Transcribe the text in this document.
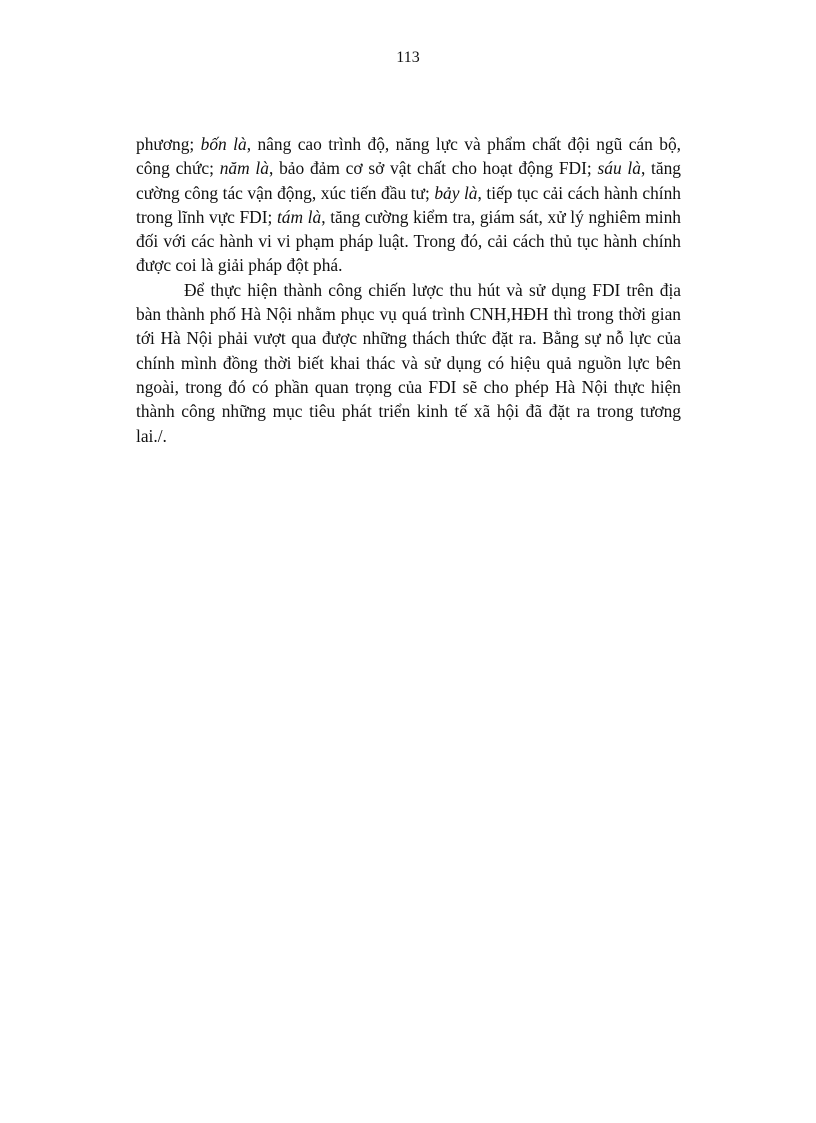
113

phương; bốn là, nâng cao trình độ, năng lực và phẩm chất đội ngũ cán bộ, công chức; năm là, bảo đảm cơ sở vật chất cho hoạt động FDI; sáu là, tăng cường công tác vận động, xúc tiến đầu tư; bảy là, tiếp tục cải cách hành chính trong lĩnh vực FDI; tám là, tăng cường kiểm tra, giám sát, xử lý nghiêm minh đối với các hành vi vi phạm pháp luật. Trong đó, cải cách thủ tục hành chính được coi là giải pháp đột phá.

Để thực hiện thành công chiến lược thu hút và sử dụng FDI trên địa bàn thành phố Hà Nội nhằm phục vụ quá trình CNH,HĐH thì trong thời gian tới Hà Nội phải vượt qua được những thách thức đặt ra. Bằng sự nỗ lực của chính mình đồng thời biết khai thác và sử dụng có hiệu quả nguồn lực bên ngoài, trong đó có phần quan trọng của FDI sẽ cho phép Hà Nội thực hiện thành công những mục tiêu phát triển kinh tế xã hội đã đặt ra trong tương lai./.
